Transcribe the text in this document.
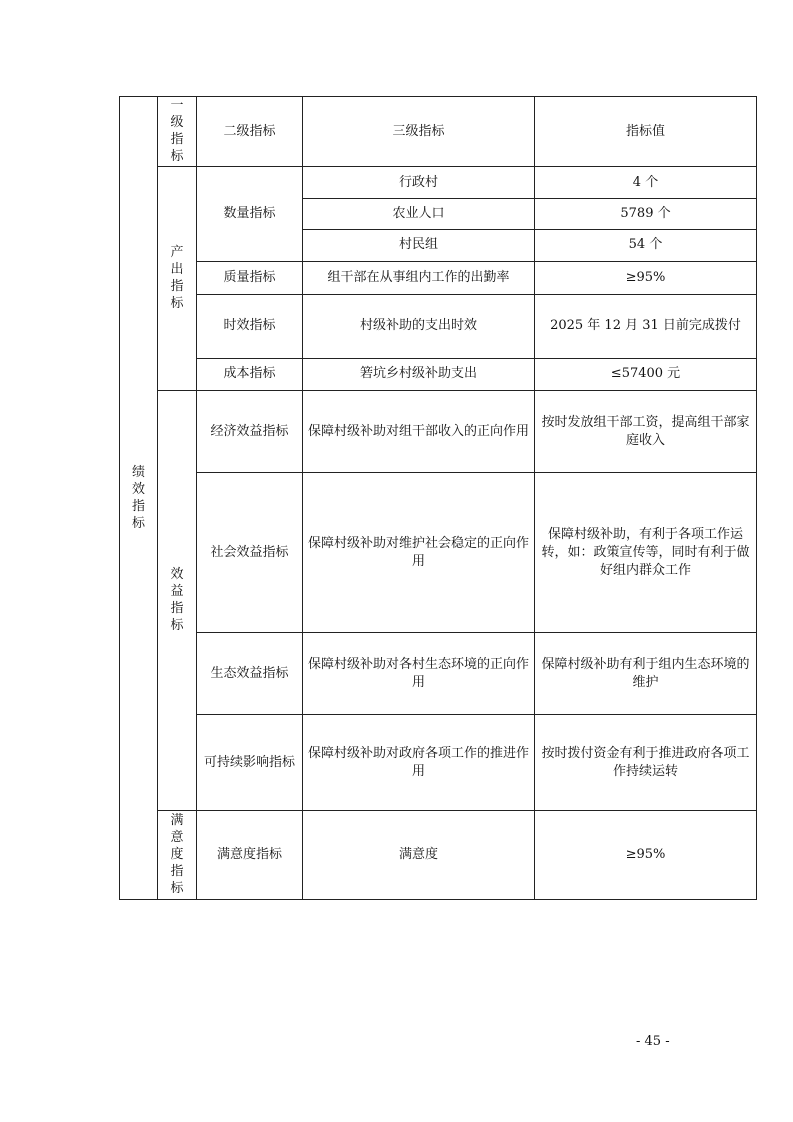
绩效指标	一级指标	二级指标	三级指标	指标值
	产出指标	数量指标	行政村	4 个
			农业人口	5789 个
			村民组	54 个
		质量指标	组干部在从事组内工作的出勤率	≥95%
		时效指标	村级补助的支出时效	2025 年 12 月 31 日前完成拨付
		成本指标	箬坑乡村级补助支出	≤57400 元
	效益指标	经济效益指标	保障村级补助对组干部收入的正向作用	按时发放组干部工资，提高组干部家庭收入
		社会效益指标	保障村级补助对维护社会稳定的正向作用	保障村级补助，有利于各项工作运转，如：政策宣传等，同时有利于做好组内群众工作
		生态效益指标	保障村级补助对各村生态环境的正向作用	保障村级补助有利于组内生态环境的维护
		可持续影响指标	保障村级补助对政府各项工作的推进作用	按时拨付资金有利于推进政府各项工作持续运转
	满意度指标	满意度指标	满意度	≥95%
- 45 -
